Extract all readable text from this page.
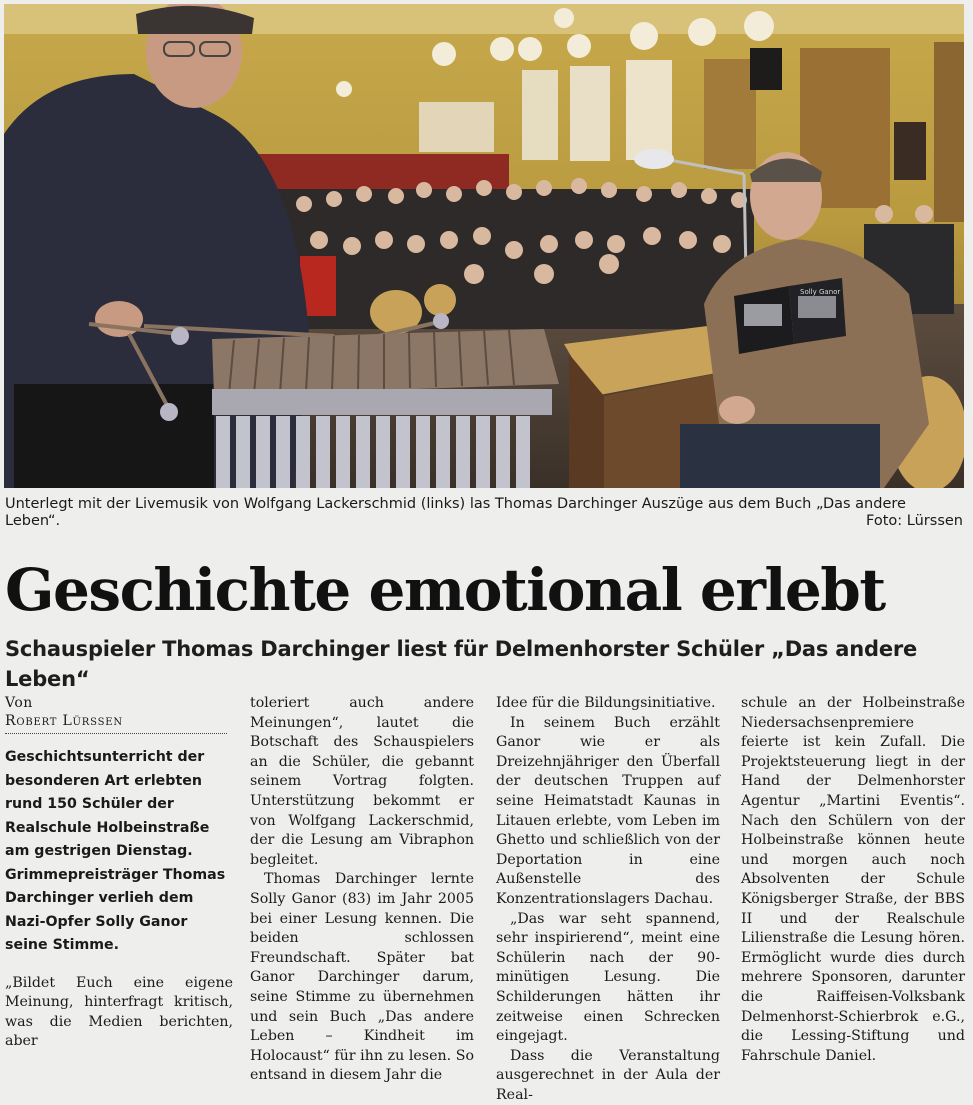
Solly Ganor
Unterlegt mit der Livemusik von Wolfgang Lackerschmid (links) las Thomas Darchinger Auszüge aus dem Buch „Das andere Leben“.	Foto: Lürssen
Geschichte emotional erlebt
Schauspieler Thomas Darchinger liest für Delmenhorster Schüler „Das andere Leben“
Von
Robert Lürssen

Geschichtsunterricht der besonderen Art erlebten rund 150 Schüler der Realschule Holbeinstraße am gestrigen Dienstag. Grimmepreisträger Thomas Darchinger verlieh dem Nazi-Opfer Solly Ganor seine Stimme.

„Bildet Euch eine eigene Meinung, hinterfragt kritisch, was die Medien berichten, aber

toleriert auch andere Meinungen“, lautet die Botschaft des Schauspielers an die Schüler, die gebannt seinem Vortrag folgten. Unterstützung bekommt er von Wolfgang Lackerschmid, der die Lesung am Vibraphon begleitet.

Thomas Darchinger lernte Solly Ganor (83) im Jahr 2005 bei einer Lesung kennen. Die beiden schlossen Freundschaft. Später bat Ganor Darchinger darum, seine Stimme zu übernehmen und sein Buch „Das andere Leben – Kindheit im Holocaust“ für ihn zu lesen. So entsand in diesem Jahr die

Idee für die Bildungsinitiative.

In seinem Buch erzählt Ganor wie er als Dreizehnjähriger den Überfall der deutschen Truppen auf seine Heimatstadt Kaunas in Litauen erlebte, vom Leben im Ghetto und schließlich von der Deportation in eine Außenstelle des Konzentrationslagers Dachau.

„Das war seht spannend, sehr inspirierend“, meint eine Schülerin nach der 90-minütigen Lesung. Die Schilderungen hätten ihr zeitweise einen Schrecken eingejagt.

Dass die Veranstaltung ausgerechnet in der Aula der Real-

schule an der Holbeinstraße Niedersachsenpremiere feierte ist kein Zufall. Die Projektsteuerung liegt in der Hand der Delmenhorster Agentur „Martini Eventis“. Nach den Schülern von der Holbeinstraße können heute und morgen auch noch Absolventen der Schule Königsberger Straße, der BBS II und der Realschule Lilienstraße die Lesung hören. Ermöglicht wurde dies durch mehrere Sponsoren, darunter die Raiffeisen-Volksbank Delmenhorst-Schierbrok e.G., die Lessing-Stiftung und Fahrschule Daniel.
